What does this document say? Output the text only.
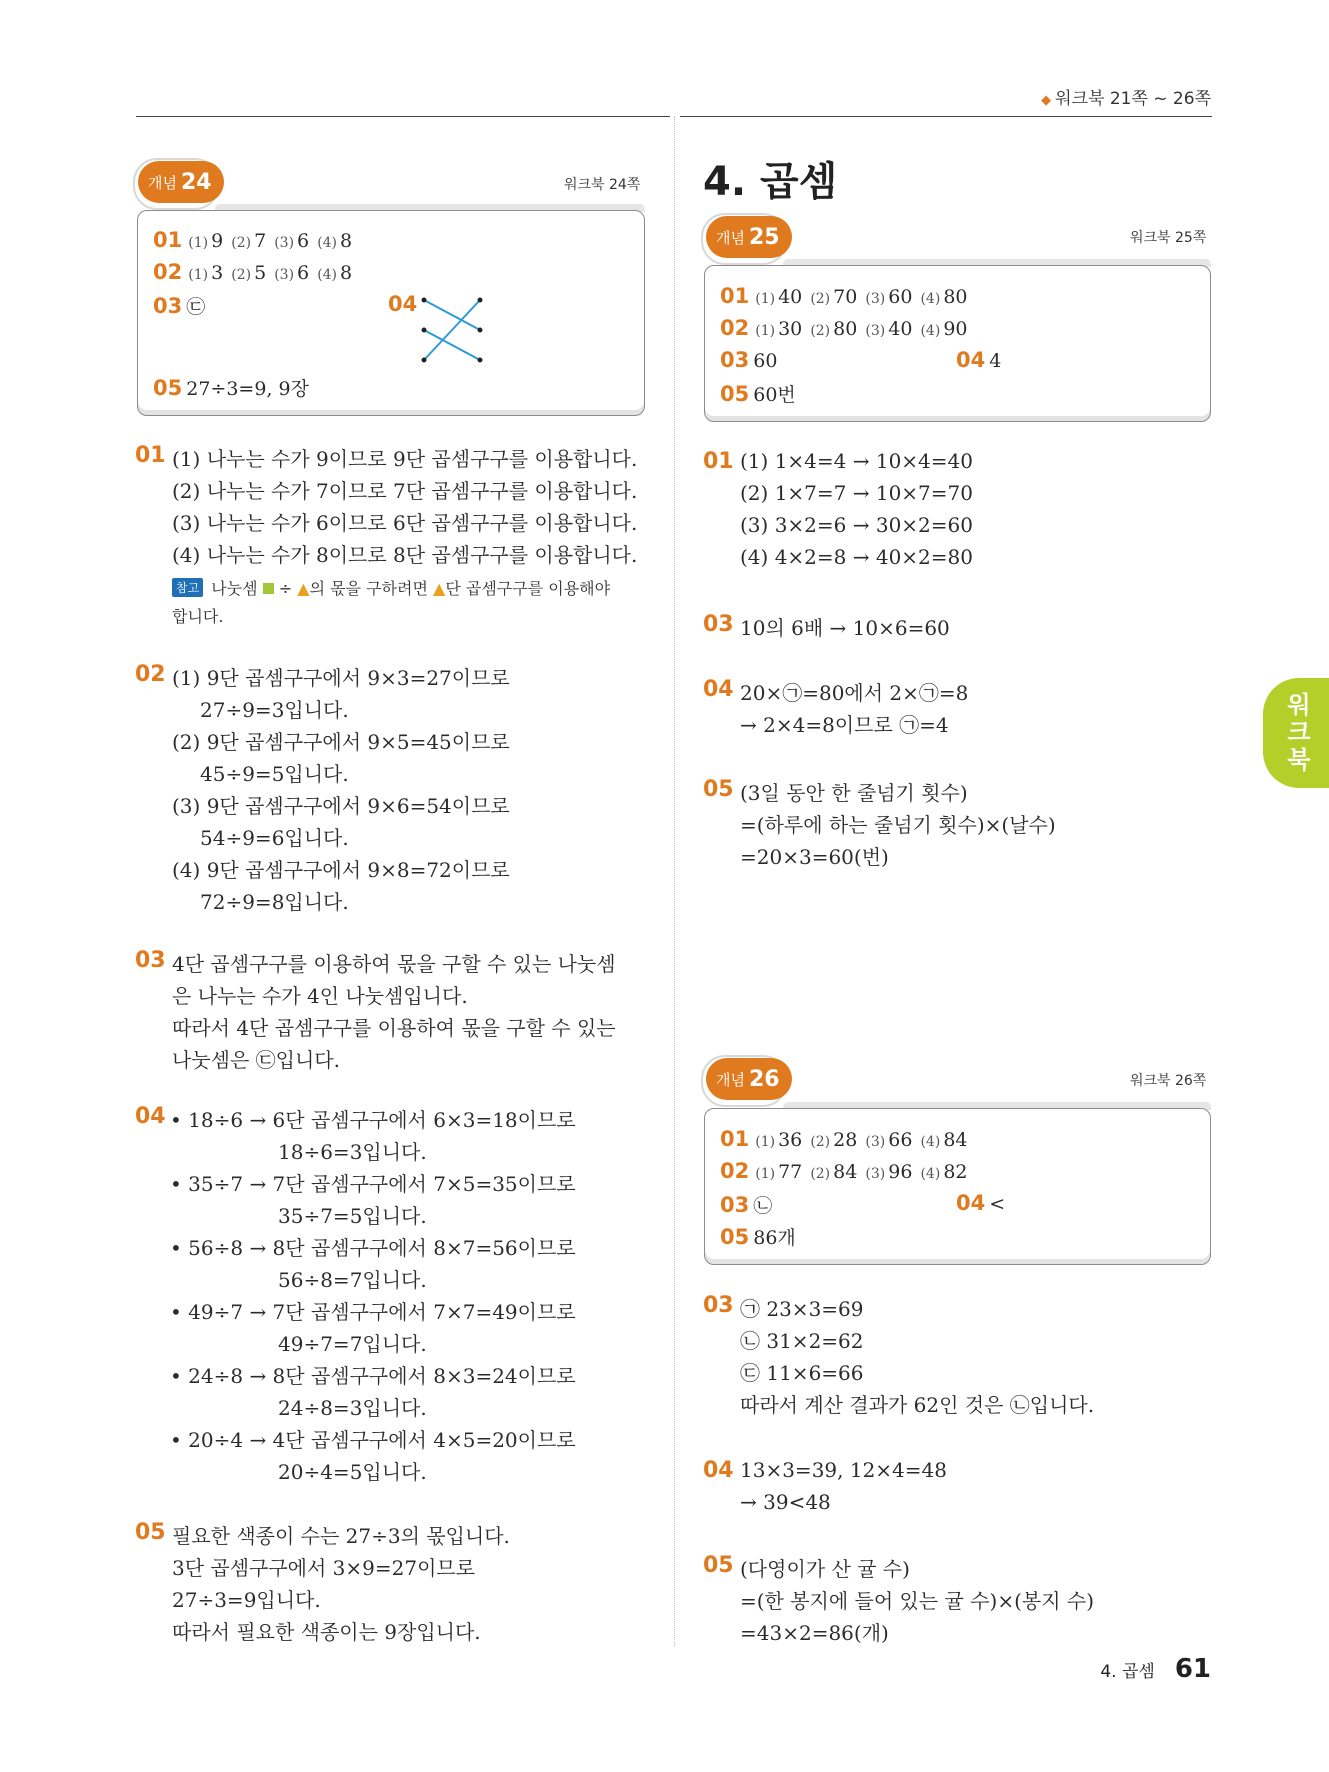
◆ 워크북 21쪽 ~ 26쪽
개념 24	워크북 24쪽
01 (1) 9 (2) 7 (3) 6 (4) 8
02 (1) 3 (2) 5 (3) 6 (4) 8
03 ㉢	04
05 27÷3=9, 9장
01 (1) 나누는 수가 9이므로 9단 곱셈구구를 이용합니다.
(2) 나누는 수가 7이므로 7단 곱셈구구를 이용합니다.
(3) 나누는 수가 6이므로 6단 곱셈구구를 이용합니다.
(4) 나누는 수가 8이므로 8단 곱셈구구를 이용합니다.
참고 나눗셈  ÷ ▲의 몫을 구하려면 ▲단 곱셈구구를 이용해야
합니다.
02 (1) 9단 곱셈구구에서 9×3=27이므로
27÷9=3입니다.
(2) 9단 곱셈구구에서 9×5=45이므로
45÷9=5입니다.
(3) 9단 곱셈구구에서 9×6=54이므로
54÷9=6입니다.
(4) 9단 곱셈구구에서 9×8=72이므로
72÷9=8입니다.
03 4단 곱셈구구를 이용하여 몫을 구할 수 있는 나눗셈
은 나누는 수가 4인 나눗셈입니다.
따라서 4단 곱셈구구를 이용하여 몫을 구할 수 있는
나눗셈은 ㉢입니다.
04 • 18÷6 → 6단 곱셈구구에서 6×3=18이므로
18÷6=3입니다.
• 35÷7 → 7단 곱셈구구에서 7×5=35이므로
35÷7=5입니다.
• 56÷8 → 8단 곱셈구구에서 8×7=56이므로
56÷8=7입니다.
• 49÷7 → 7단 곱셈구구에서 7×7=49이므로
49÷7=7입니다.
• 24÷8 → 8단 곱셈구구에서 8×3=24이므로
24÷8=3입니다.
• 20÷4 → 4단 곱셈구구에서 4×5=20이므로
20÷4=5입니다.
05 필요한 색종이 수는 27÷3의 몫입니다.
3단 곱셈구구에서 3×9=27이므로
27÷3=9입니다.
따라서 필요한 색종이는 9장입니다.
4. 곱셈
개념 25	워크북 25쪽
01 (1) 40 (2) 70 (3) 60 (4) 80
02 (1) 30 (2) 80 (3) 40 (4) 90
03 60	04 4
05 60번
01 (1) 1×4=4 → 10×4=40
(2) 1×7=7 → 10×7=70
(3) 3×2=6 → 30×2=60
(4) 4×2=8 → 40×2=80
03 10의 6배 → 10×6=60
04 20×㉠=80에서 2×㉠=8
→ 2×4=8이므로 ㉠=4
05 (3일 동안 한 줄넘기 횟수)
=(하루에 하는 줄넘기 횟수)×(날수)
=20×3=60(번)
개념 26	워크북 26쪽
01 (1) 36 (2) 28 (3) 66 (4) 84
02 (1) 77 (2) 84 (3) 96 (4) 82
03 ㉡	04 <
05 86개
03 ㉠ 23×3=69
㉡ 31×2=62
㉢ 11×6=66
따라서 계산 결과가 62인 것은 ㉡입니다.
04 13×3=39, 12×4=48
→ 39<48
05 (다영이가 산 귤 수)
=(한 봉지에 들어 있는 귤 수)×(봉지 수)
=43×2=86(개)
워
크
북
4. 곱셈 61
